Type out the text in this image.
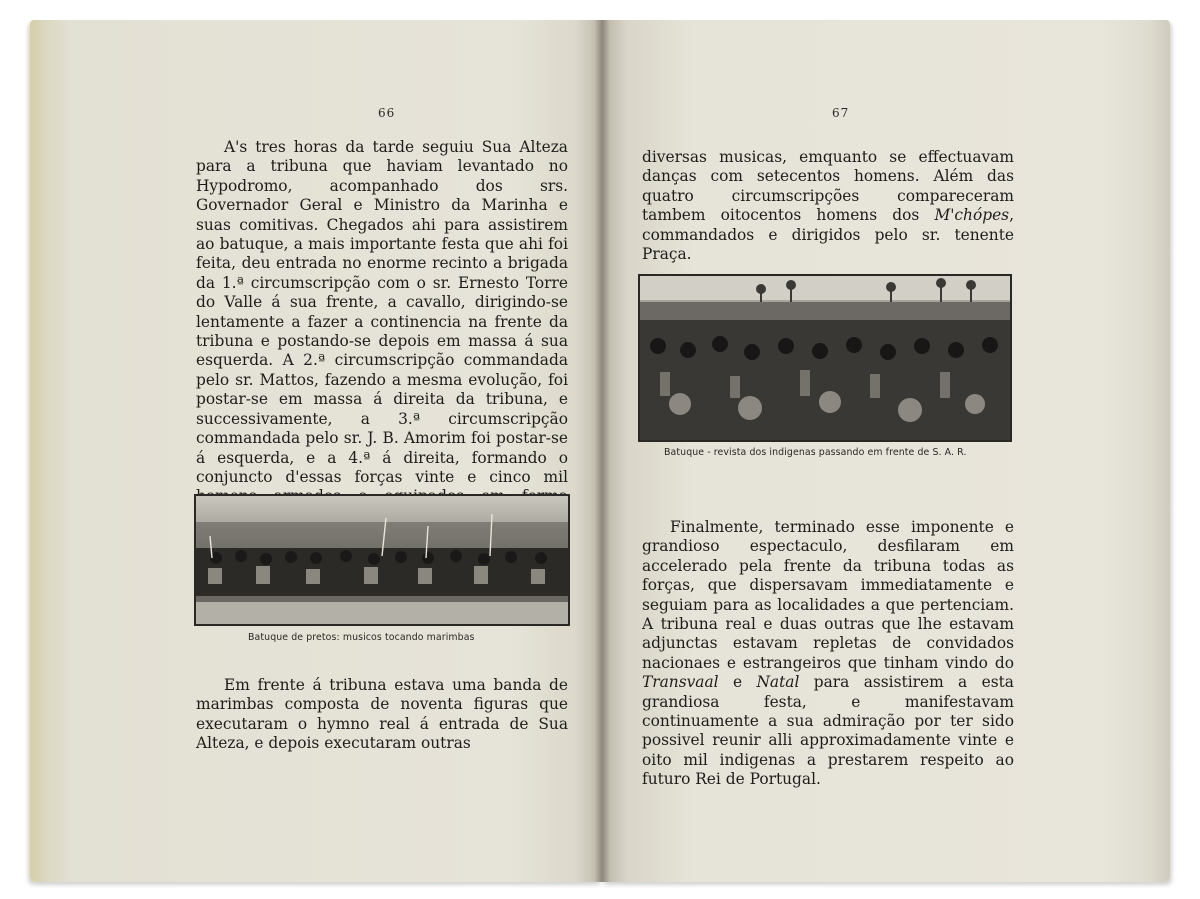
66

A's tres horas da tarde seguiu Sua Alteza para a tribuna que haviam levantado no Hypodromo, acompanhado dos srs. Governador Geral e Ministro da Marinha e suas comitivas. Chegados ahi para assistirem ao batuque, a mais importante festa que ahi foi feita, deu entrada no enorme recinto a brigada da 1.ª circumscripção com o sr. Ernesto Torre do Valle á sua frente, a cavallo, dirigindo-se lentamente a fazer a continencia na frente da tribuna e postando-se depois em massa á sua esquerda. A 2.ª circumscripção commandada pelo sr. Mattos, fazendo a mesma evolução, foi postar-se em massa á direita da tribuna, e successivamente, a 3.ª circumscripção commandada pelo sr. J. B. Amorim foi postar-se á esquerda, e a 4.ª á direita, formando o conjuncto d'essas forças vinte e cinco mil

Batuque de pretos: musicos tocando marimbas

Em frente á tribuna estava uma banda de marimbas composta de noventa figuras que executaram o hymno real á entrada de Sua Alteza, e depois executaram outras

67

diversas musicas, emquanto se effectuavam danças com setecentos homens. Além das quatro circumscripções compareceram tambem oitocentos homens dos M'chópes, commandados e dirigidos pelo sr. tenente Praça.

Batuque - revista dos indigenas passando em frente de S. A. R.

Finalmente, terminado esse imponente e grandioso espectaculo, desfilaram em accelerado pela frente da tribuna todas as forças, que dispersavam immediatamente e seguiam para as localidades a que pertenciam. A tribuna real e duas outras que lhe estavam adjunctas estavam repletas de convidados nacionaes e estrangeiros que tinham vindo do Transvaal e Natal para assistirem a esta grandiosa festa, e manifestavam continuamente a sua admiração por ter sido possivel reunir alli approximadamente vinte e oito mil indigenas a prestarem respeito ao futuro Rei de Portugal.
